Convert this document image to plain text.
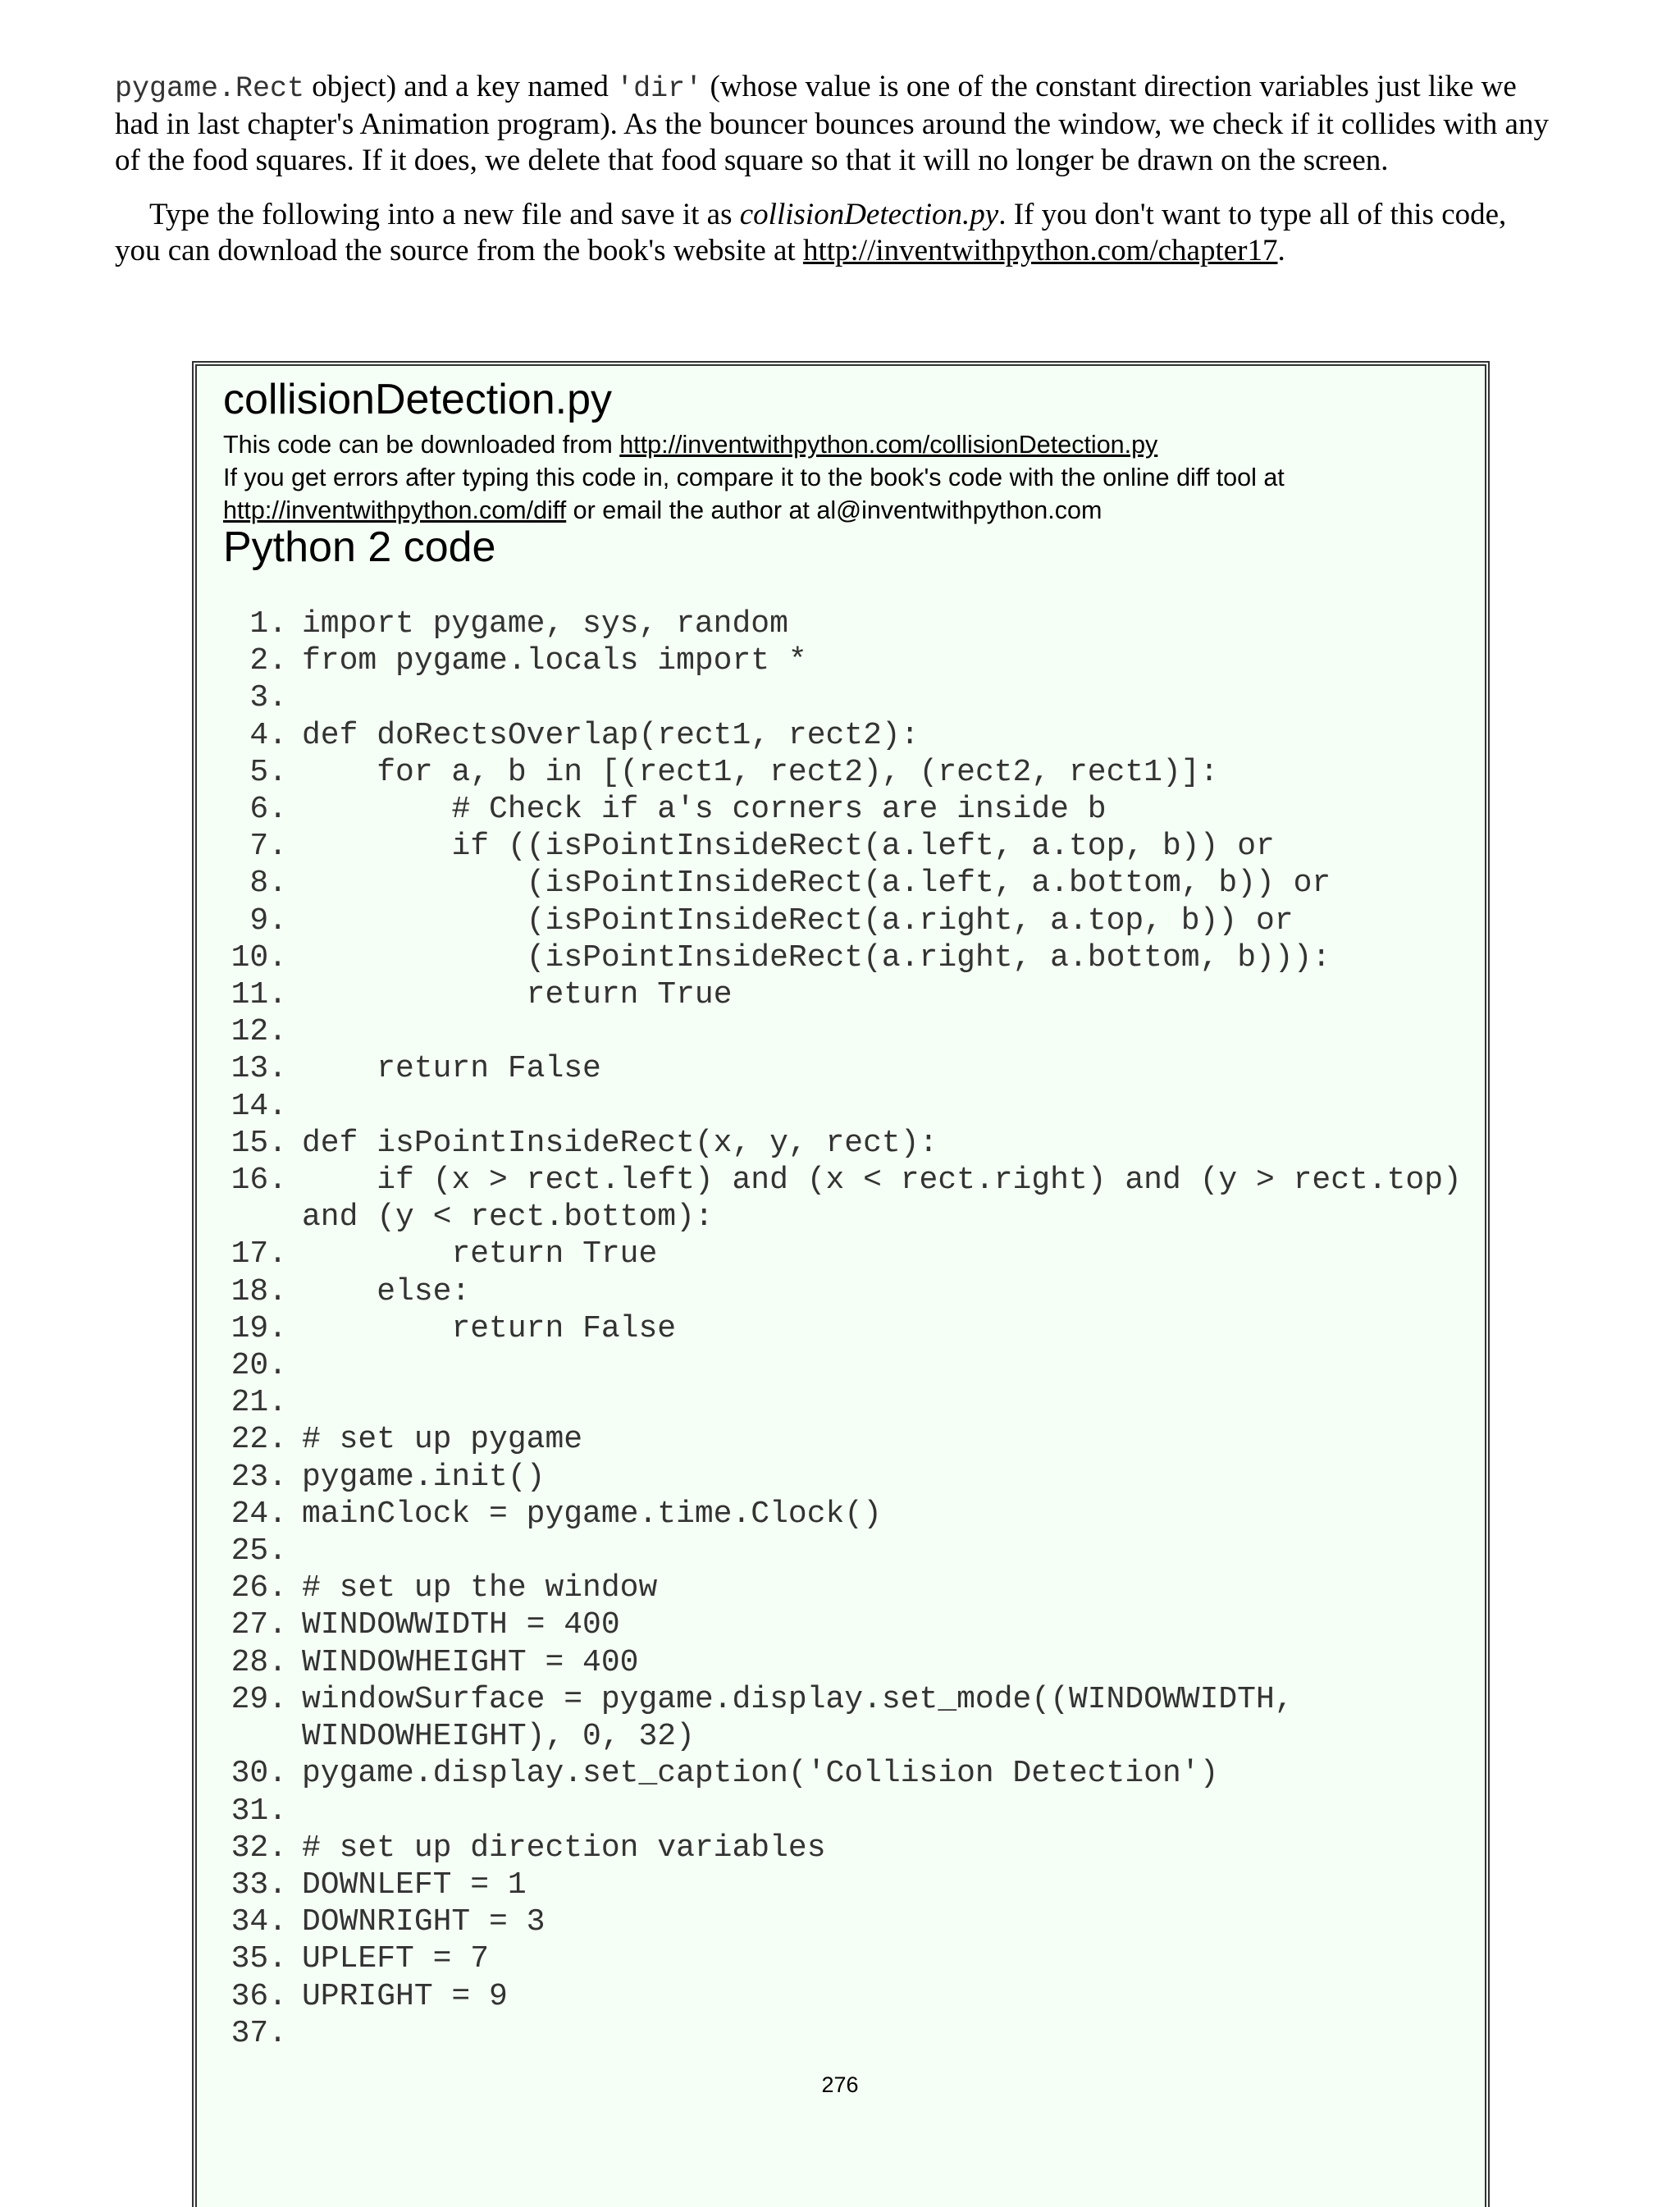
pygame.Rect object) and a key named 'dir' (whose value is one of the constant direction variables just like we had in last chapter's Animation program). As the bouncer bounces around the window, we check if it collides with any of the food squares. If it does, we delete that food square so that it will no longer be drawn on the screen.

Type the following into a new file and save it as collisionDetection.py. If you don't want to type all of this code, you can download the source from the book's website at http://inventwithpython.com/chapter17.

collisionDetection.py
This code can be downloaded from http://inventwithpython.com/collisionDetection.py
If you get errors after typing this code in, compare it to the book's code with the online diff tool at
http://inventwithpython.com/diff or email the author at al@inventwithpython.com
Python 2 code
1. import pygame, sys, random
2. from pygame.locals import *
3.

4. def doRectsOverlap(rect1, rect2):
5. for a, b in [(rect1, rect2), (rect2, rect1)]:
6. # Check if a's corners are inside b
7. if ((isPointInsideRect(a.left, a.top, b)) or
8. (isPointInsideRect(a.left, a.bottom, b)) or
9. (isPointInsideRect(a.right, a.top, b)) or
10. (isPointInsideRect(a.right, a.bottom, b))):
11. return True
12.

13. return False
14.

15. def isPointInsideRect(x, y, rect):
16. if (x > rect.left) and (x < rect.right) and (y > rect.top) and (y < rect.bottom):
17. return True
18. else:
19. return False
20.

21.

22. # set up pygame
23. pygame.init()
24. mainClock = pygame.time.Clock()
25.

26. # set up the window
27. WINDOWWIDTH = 400
28. WINDOWHEIGHT = 400
29. windowSurface = pygame.display.set_mode((WINDOWWIDTH, WINDOWHEIGHT), 0, 32)
30. pygame.display.set_caption('Collision Detection')
31.

32. # set up direction variables
33. DOWNLEFT = 1
34. DOWNRIGHT = 3
35. UPLEFT = 7
36. UPRIGHT = 9
37.

276
